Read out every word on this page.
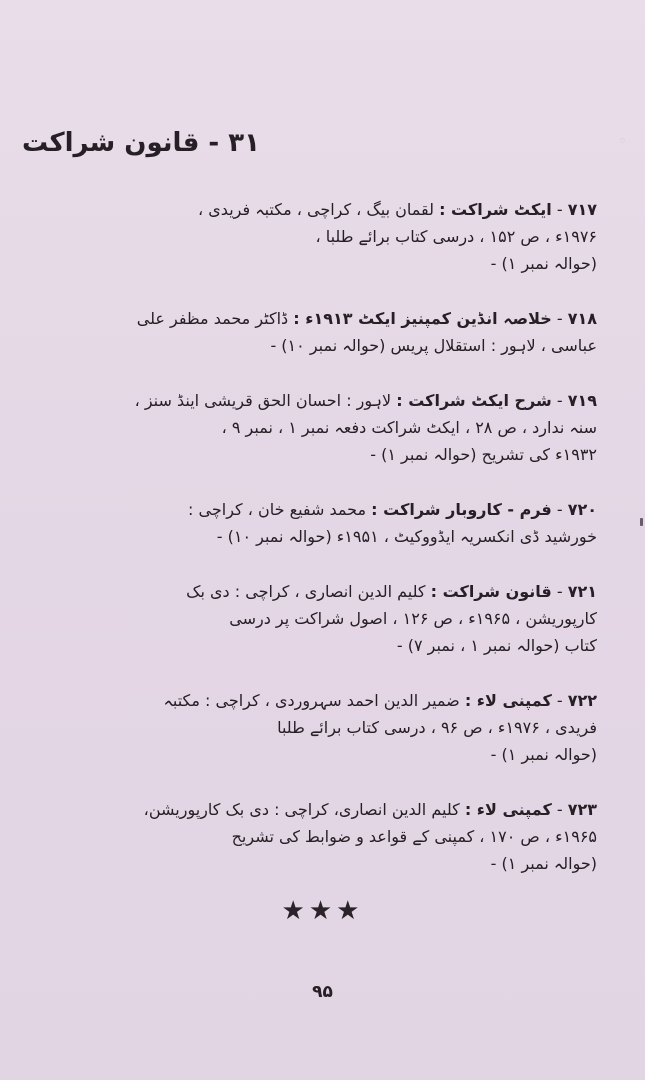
◦
۳۱ - قانون شراکت
۷۱۷ - ایکٹ شراکت : لقمان بیگ ، کراچی ، مکتبہ فریدی ،
۱۹۷۶ء ، ص ۱۵۲ ، درسی کتاب برائے طلبا ،
(حوالہ نمبر ۱) -
۷۱۸ - خلاصہ انڈین کمپنیز ایکٹ ۱۹۱۳ء : ڈاکٹر محمد مظفر علی
عباسی ، لاہور : استقلال پریس (حوالہ نمبر ۱۰) -
۷۱۹ - شرح ایکٹ شراکت : لاہور : احسان الحق قریشی اینڈ سنز ،
سنہ ندارد ، ص ۲۸ ، ایکٹ شراکت دفعہ نمبر ۱ ، نمبر ۹ ،
۱۹۳۲ء کی تشریح (حوالہ نمبر ۱) -
۷۲۰ - فرم - کاروبار شراکت : محمد شفیع خان ، کراچی :
خورشید ڈی انکسریہ ایڈووکیٹ ، ۱۹۵۱ء (حوالہ نمبر ۱۰) -
۷۲۱ - قانون شراکت : کلیم الدین انصاری ، کراچی : دی بک
کارپوریشن ، ۱۹۶۵ء ، ص ۱۲۶ ، اصول شراکت پر درسی
کتاب (حوالہ نمبر ۱ ، نمبر ۷) -
۷۲۲ - کمپنی لاء : ضمیر الدین احمد سہروردی ، کراچی : مکتبہ
فریدی ، ۱۹۷۶ء ، ص ۹۶ ، درسی کتاب برائے طلبا
(حوالہ نمبر ۱) -
۷۲۳ - کمپنی لاء : کلیم الدین انصاری، کراچی : دی بک کارپوریشن،
۱۹۶۵ء ، ص ۱۷۰ ، کمپنی کے قواعد و ضوابط کی تشریح
(حوالہ نمبر ۱) -
★★★
۹۵
